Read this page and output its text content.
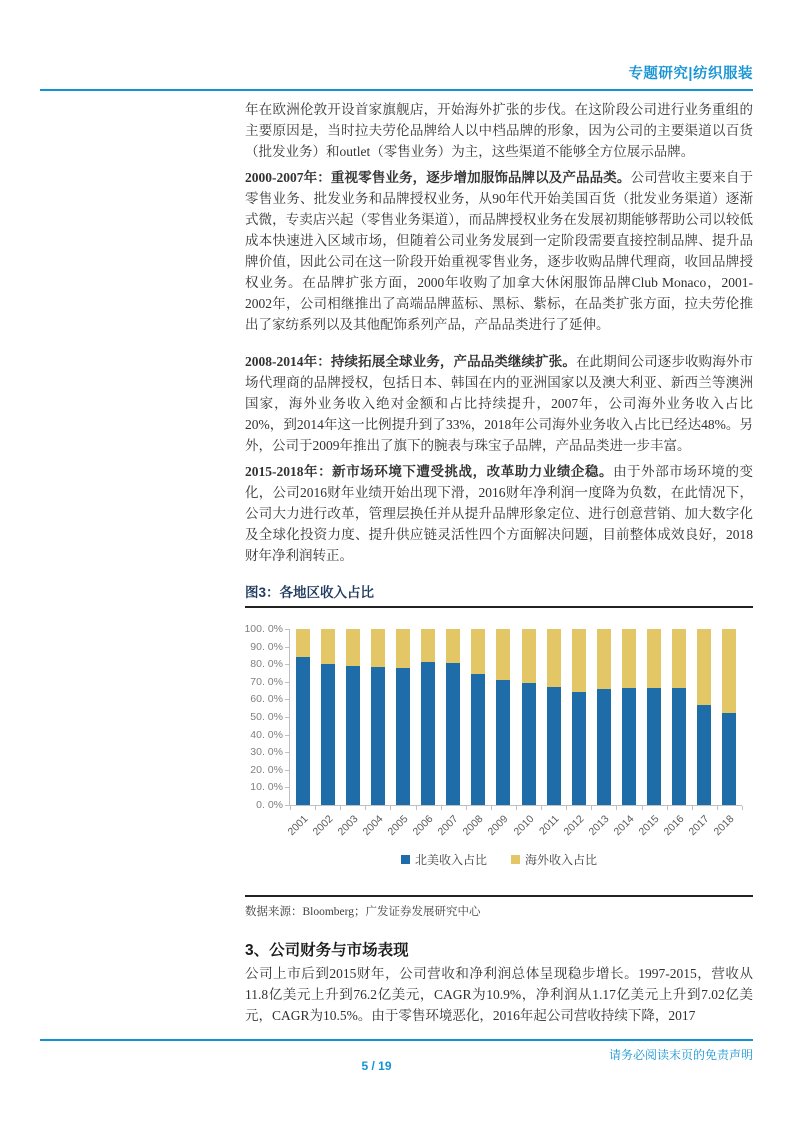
专题研究|纺织服装

年在欧洲伦敦开设首家旗舰店，开始海外扩张的步伐。在这阶段公司进行业务重组的主要原因是，当时拉夫劳伦品牌给人以中档品牌的形象，因为公司的主要渠道以百货（批发业务）和outlet（零售业务）为主，这些渠道不能够全方位展示品牌。

2000-2007年：重视零售业务，逐步增加服饰品牌以及产品品类。公司营收主要来自于零售业务、批发业务和品牌授权业务，从90年代开始美国百货（批发业务渠道）逐渐式微，专卖店兴起（零售业务渠道），而品牌授权业务在发展初期能够帮助公司以较低成本快速进入区域市场，但随着公司业务发展到一定阶段需要直接控制品牌、提升品牌价值，因此公司在这一阶段开始重视零售业务，逐步收购品牌代理商，收回品牌授权业务。在品牌扩张方面，2000年收购了加拿大休闲服饰品牌Club Monaco，2001-2002年，公司相继推出了高端品牌蓝标、黑标、紫标，在品类扩张方面，拉夫劳伦推出了家纺系列以及其他配饰系列产品，产品品类进行了延伸。

2008-2014年：持续拓展全球业务，产品品类继续扩张。在此期间公司逐步收购海外市场代理商的品牌授权，包括日本、韩国在内的亚洲国家以及澳大利亚、新西兰等澳洲国家，海外业务收入绝对金额和占比持续提升，2007年，公司海外业务收入占比20%，到2014年这一比例提升到了33%，2018年公司海外业务收入占比已经达48%。另外，公司于2009年推出了旗下的腕表与珠宝子品牌，产品品类进一步丰富。

2015-2018年：新市场环境下遭受挑战，改革助力业绩企稳。由于外部市场环境的变化，公司2016财年业绩开始出现下滑，2016财年净利润一度降为负数，在此情况下，公司大力进行改革，管理层换任并从提升品牌形象定位、进行创意营销、加大数字化及全球化投资力度、提升供应链灵活性四个方面解决问题，目前整体成效良好，2018财年净利润转正。

图3：各地区收入占比
0. 0%
10. 0%
20. 0%
30. 0%
40. 0%
50. 0%
60. 0%
70. 0%
80. 0%
90. 0%
100. 0%
2001 2002 2003 2004 2005 2006 2007 2008 2009 2010 2011 2012 2013 2014 2015 2016 2017 2018
北美收入占比	海外收入占比
数据来源：Bloomberg；广发证券发展研究中心
3、公司财务与市场表现

公司上市后到2015财年，公司营收和净利润总体呈现稳步增长。1997-2015，营收从11.8亿美元上升到76.2亿美元，CAGR为10.9%，净利润从1.17亿美元上升到7.02亿美元，CAGR为10.5%。由于零售环境恶化，2016年起公司营收持续下降，2017

请务必阅读末页的免责声明
5 / 19
